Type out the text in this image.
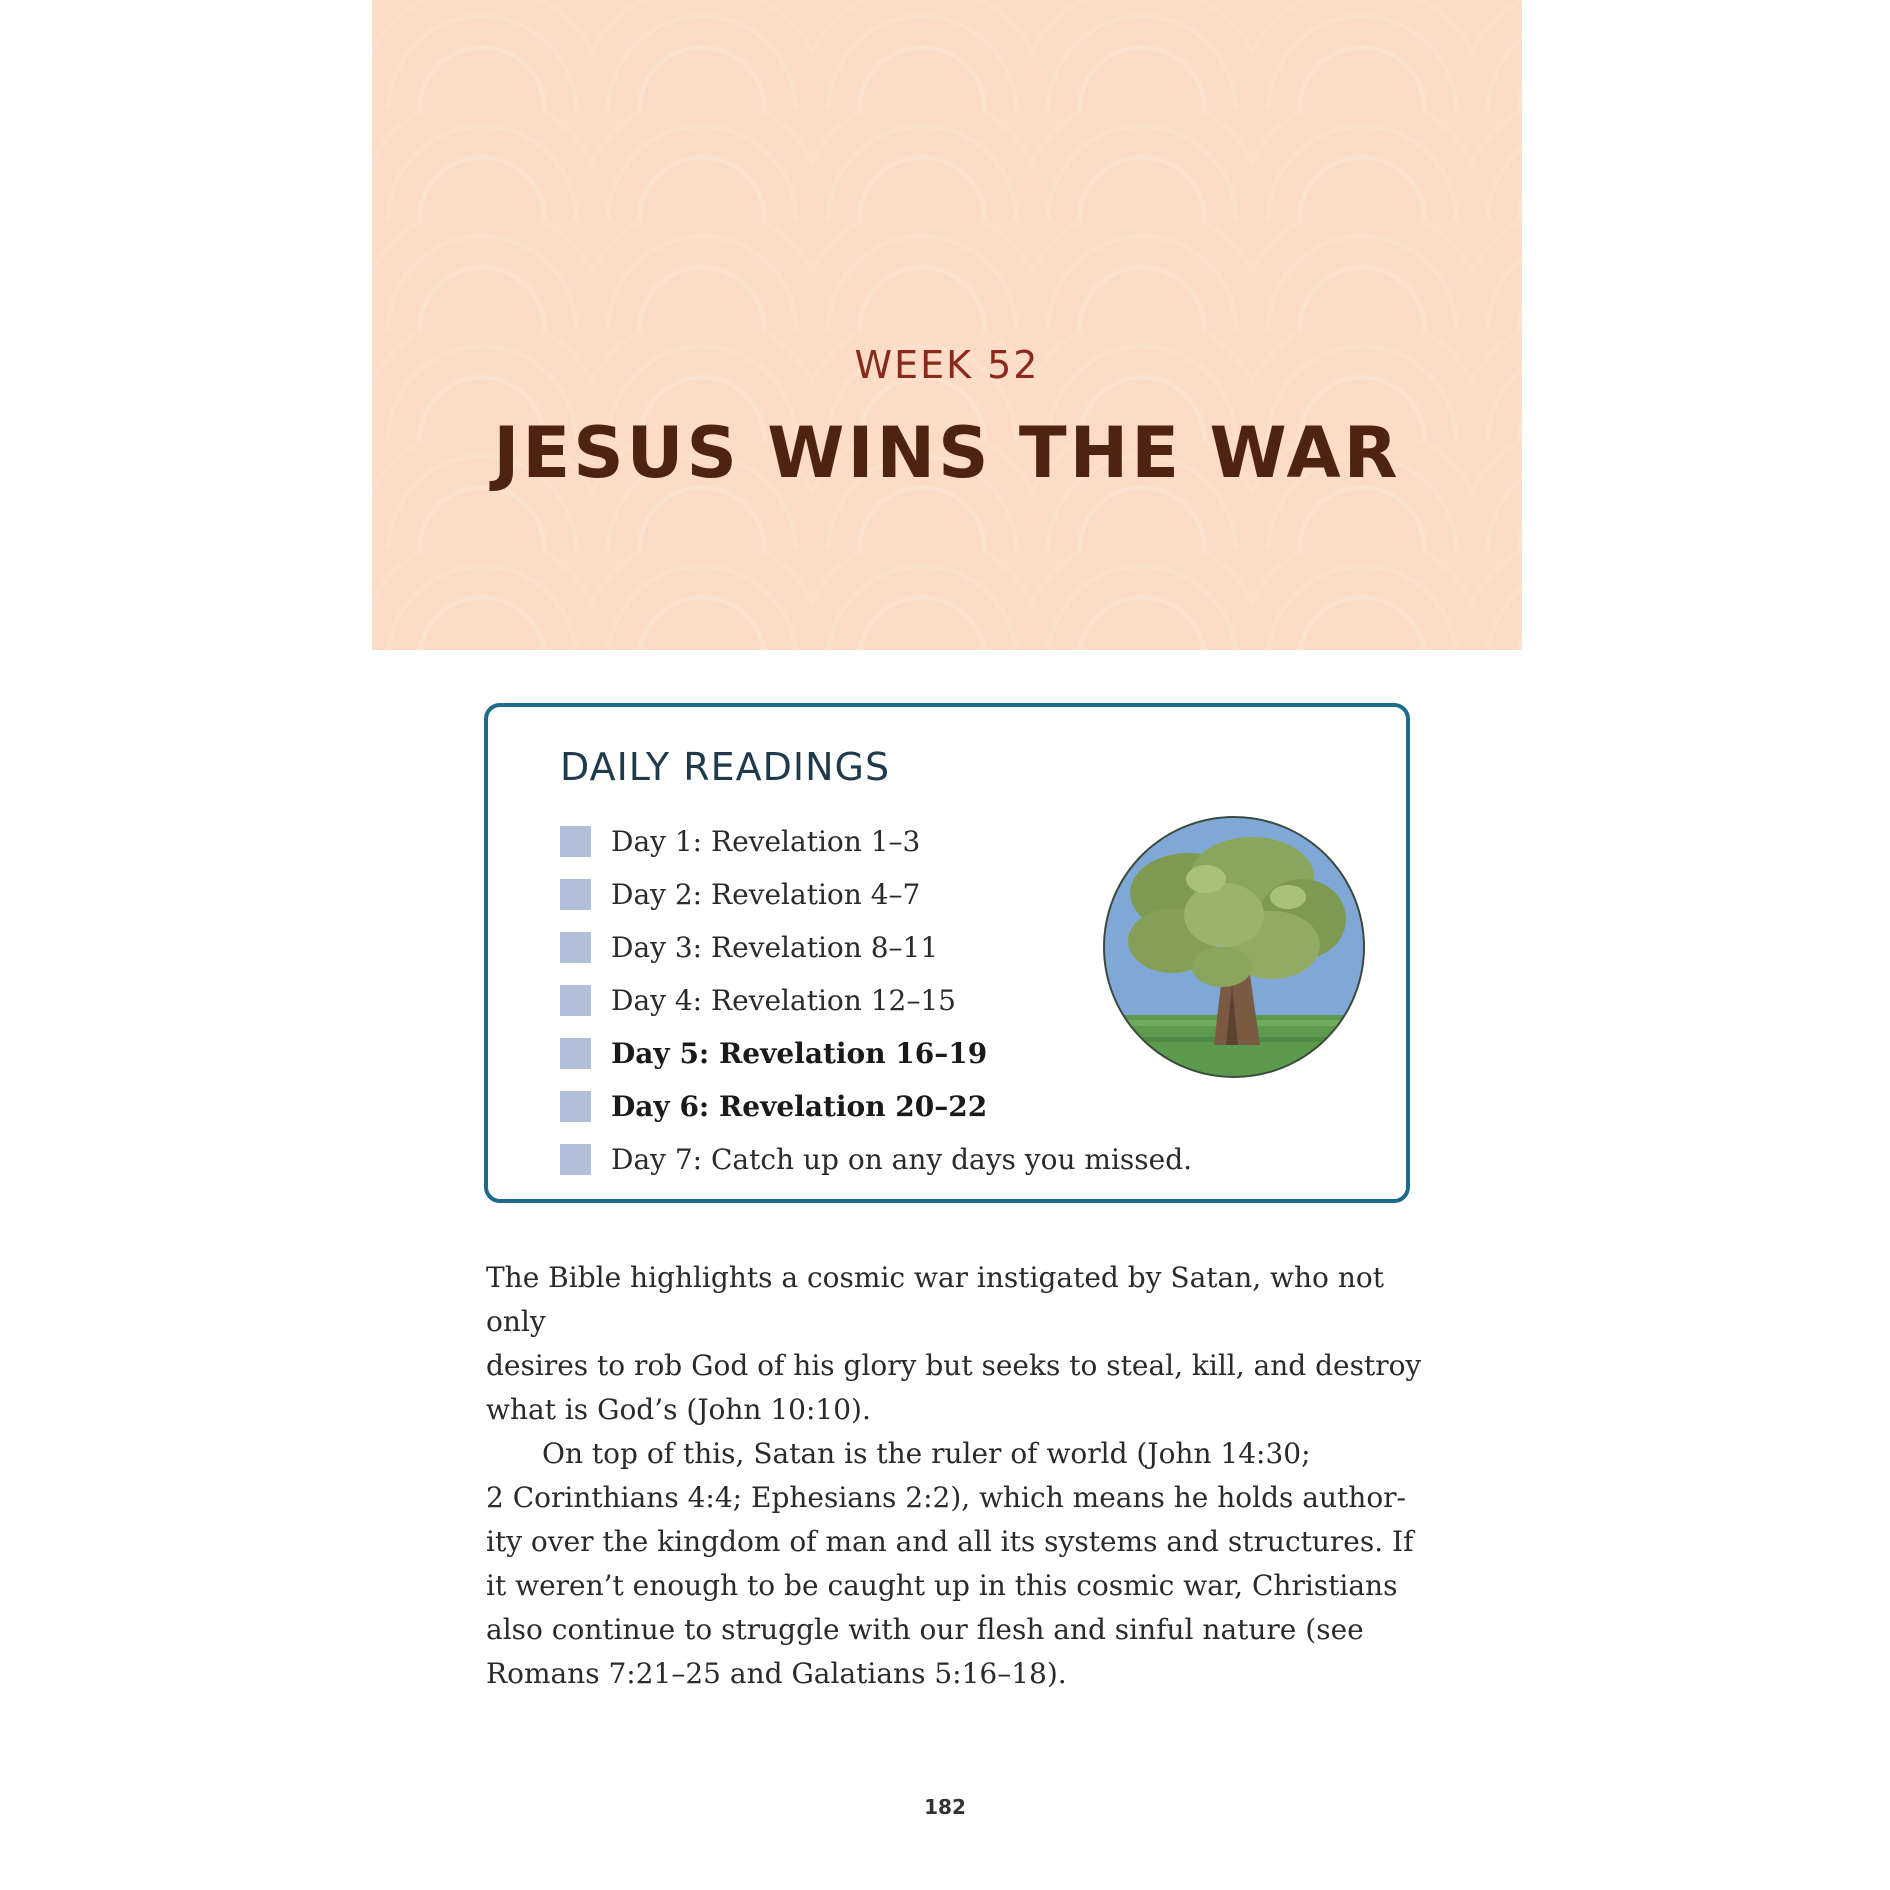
WEEK 52
JESUS WINS THE WAR
DAILY READINGS
Day 1: Revelation 1–3
Day 2: Revelation 4–7
Day 3: Revelation 8–11
Day 4: Revelation 12–15
Day 5: Revelation 16–19
Day 6: Revelation 20–22
Day 7: Catch up on any days you missed.

The Bible highlights a cosmic war instigated by Satan, who not only
desires to rob God of his glory but seeks to steal, kill, and destroy
what is God’s (John 10:10).

On top of this, Satan is the ruler of world (John 14:30;
2 Corinthians 4:4; Ephesians 2:2), which means he holds author-
ity over the kingdom of man and all its systems and structures. If
it weren’t enough to be caught up in this cosmic war, Christians
also continue to struggle with our flesh and sinful nature (see
Romans 7:21–25 and Galatians 5:16–18).

182
